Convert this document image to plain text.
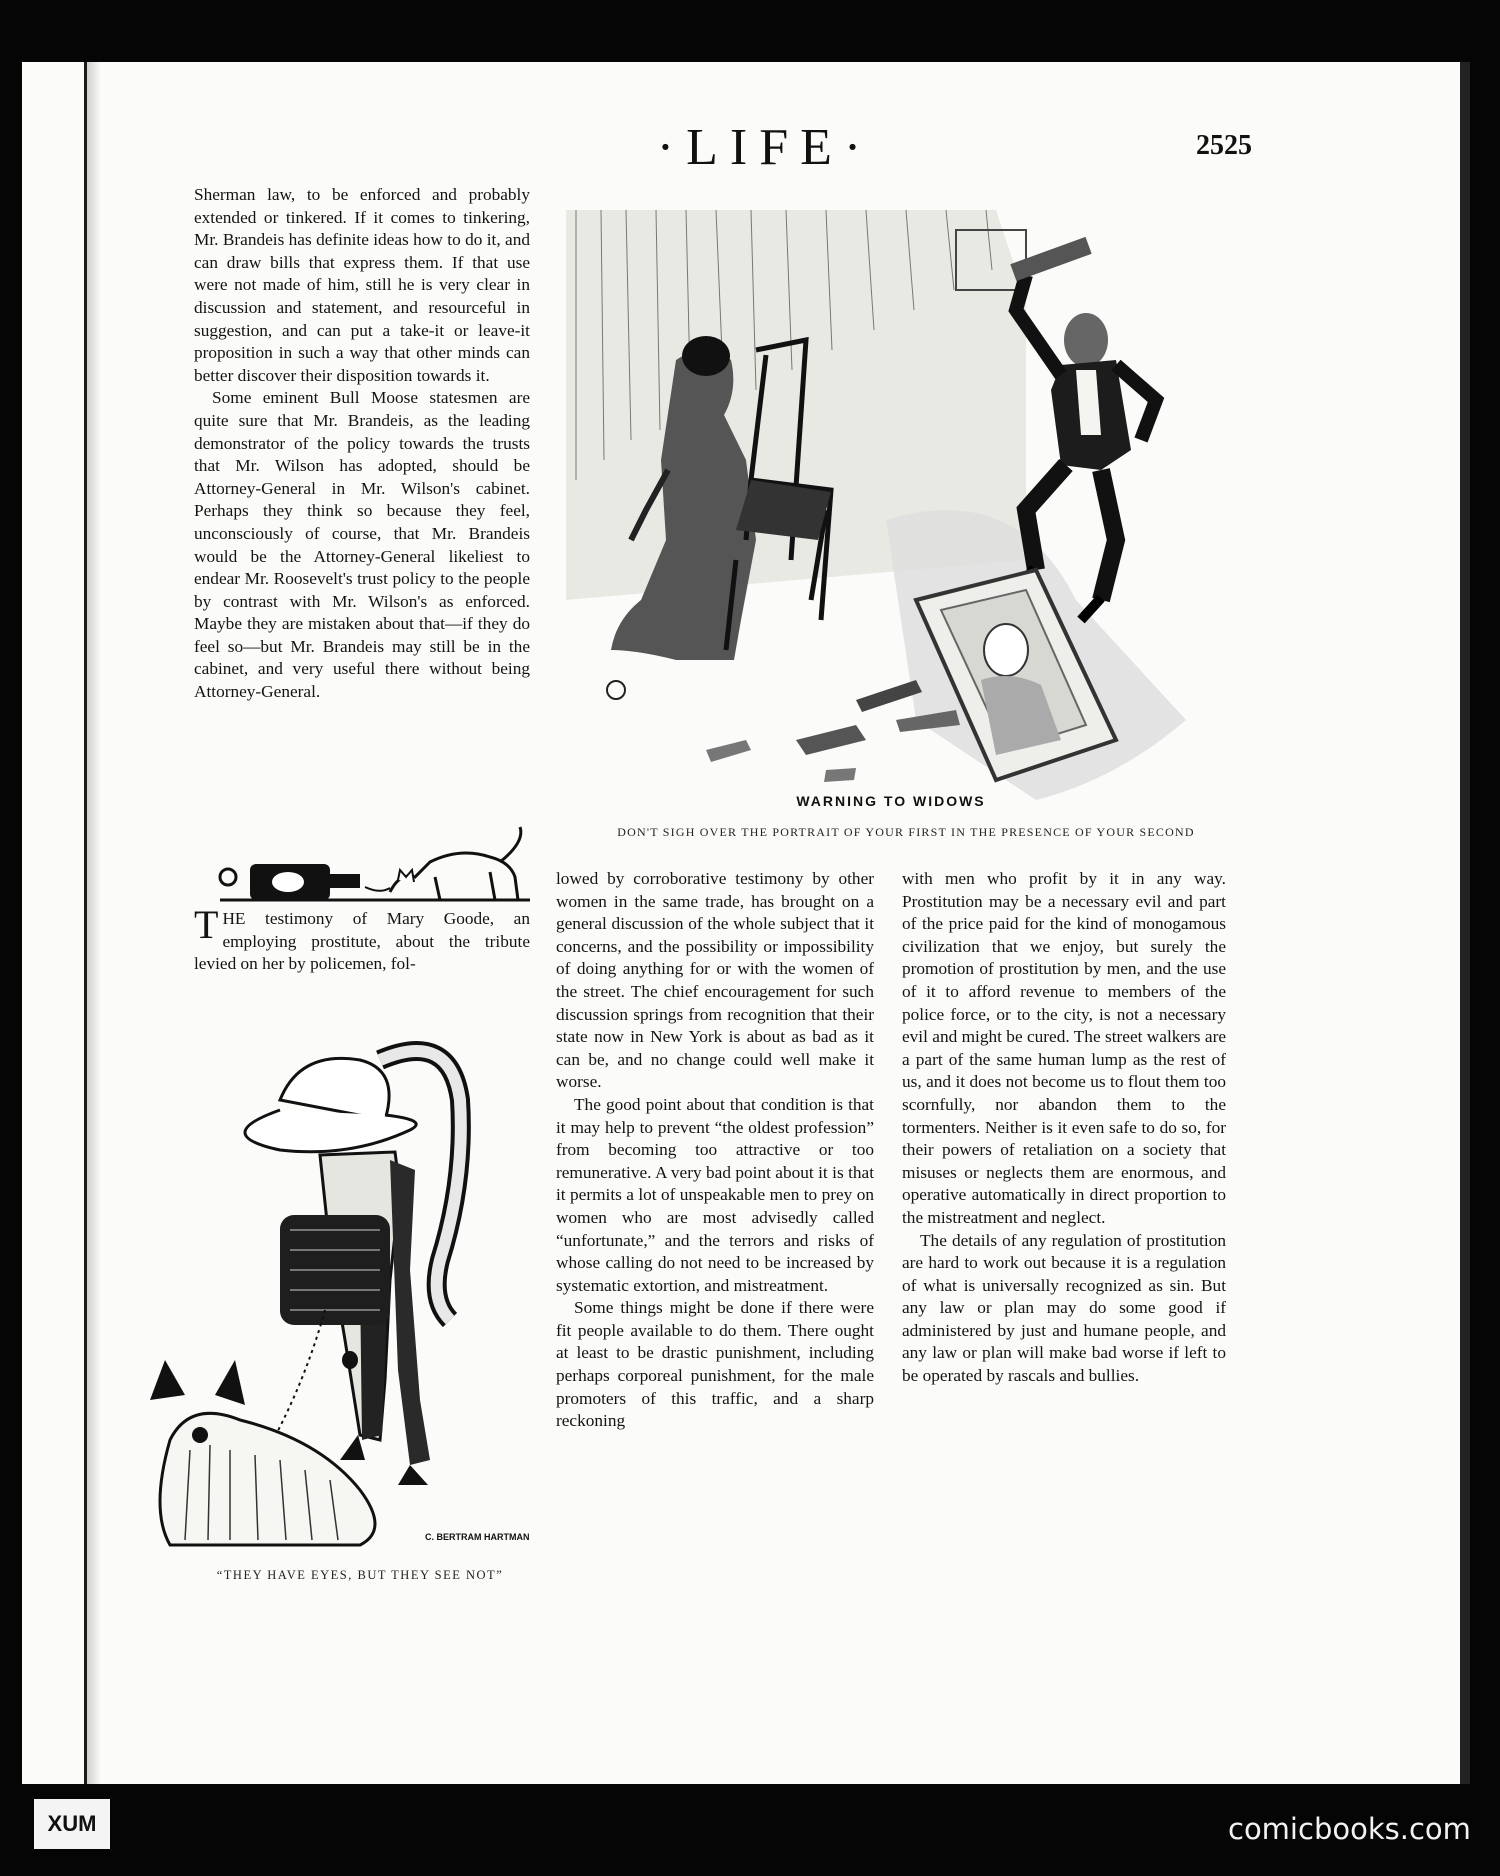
·LIFE·	2525

Sherman law, to be enforced and probably extended or tinkered. If it comes to tinkering, Mr. Brandeis has definite ideas how to do it, and can draw bills that express them. If that use were not made of him, still he is very clear in discussion and statement, and resourceful in suggestion, and can put a take-it or leave-it proposition in such a way that other minds can better discover their disposition towards it.

Some eminent Bull Moose statesmen are quite sure that Mr. Brandeis, as the leading demonstrator of the policy towards the trusts that Mr. Wilson has adopted, should be Attorney-General in Mr. Wilson's cabinet. Perhaps they think so because they feel, unconsciously of course, that Mr. Brandeis would be the Attorney-General likeliest to endear Mr. Roosevelt's trust policy to the people by contrast with Mr. Wilson's as enforced. Maybe they are mistaken about that—if they do feel so—but Mr. Brandeis may still be in the cabinet, and very useful there without being Attorney-General.

WARNING TO WIDOWS
DON'T SIGH OVER THE PORTRAIT OF YOUR FIRST IN THE PRESENCE OF YOUR SECOND
T HE testimony of Mary Goode, an employing prostitute, about the tribute levied on her by policemen, fol-

lowed by corroborative testimony by other women in the same trade, has brought on a general discussion of the whole subject that it concerns, and the possibility or impossibility of doing anything for or with the women of the street. The chief encouragement for such discussion springs from recognition that their state now in New York is about as bad as it can be, and no change could well make it worse.

The good point about that condition is that it may help to prevent “the oldest profession” from becoming too attractive or too remunerative. A very bad point about it is that it permits a lot of unspeakable men to prey on women who are most advisedly called “unfortunate,” and the terrors and risks of whose calling do not need to be increased by systematic extortion, and mistreatment.

Some things might be done if there were fit people available to do them. There ought at least to be drastic punishment, including perhaps corporeal punishment, for the male promoters of this traffic, and a sharp reckoning

with men who profit by it in any way. Prostitution may be a necessary evil and part of the price paid for the kind of monogamous civilization that we enjoy, but surely the promotion of prostitution by men, and the use of it to afford revenue to members of the police force, or to the city, is not a necessary evil and might be cured. The street walkers are a part of the same human lump as the rest of us, and it does not become us to flout them too scornfully, nor abandon them to the tormenters. Neither is it even safe to do so, for their powers of retaliation on a society that misuses or neglects them are enormous, and operative automatically in direct proportion to the mistreatment and neglect.

The details of any regulation of prostitution are hard to work out because it is a regulation of what is universally recognized as sin. But any law or plan may do some good if administered by just and humane people, and any law or plan will make bad worse if left to be operated by rascals and bullies.

C. BERTRAM HARTMAN
“THEY HAVE EYES, BUT THEY SEE NOT”
XUM	comicbooks.com
